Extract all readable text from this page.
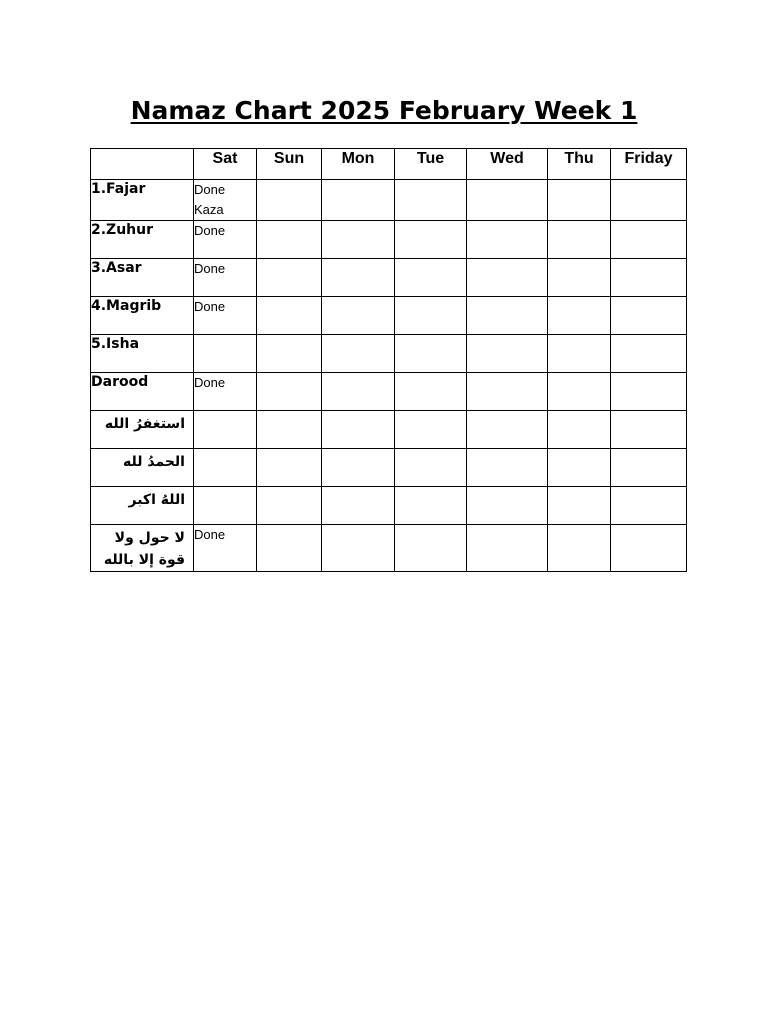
Namaz Chart 2025 February Week 1
	Sat	Sun	Mon	Tue	Wed	Thu	Friday
1.Fajar	Done
Kaza						

2.Zuhur	Done						

3.Asar	Done						

4.Magrib	Done						

5.Isha							
Darood	Done						

استغفرُ الله							
الحمدُ لله							
اللهُ اكبر							
لا حول ولا قوة إلا بالله	Done						
